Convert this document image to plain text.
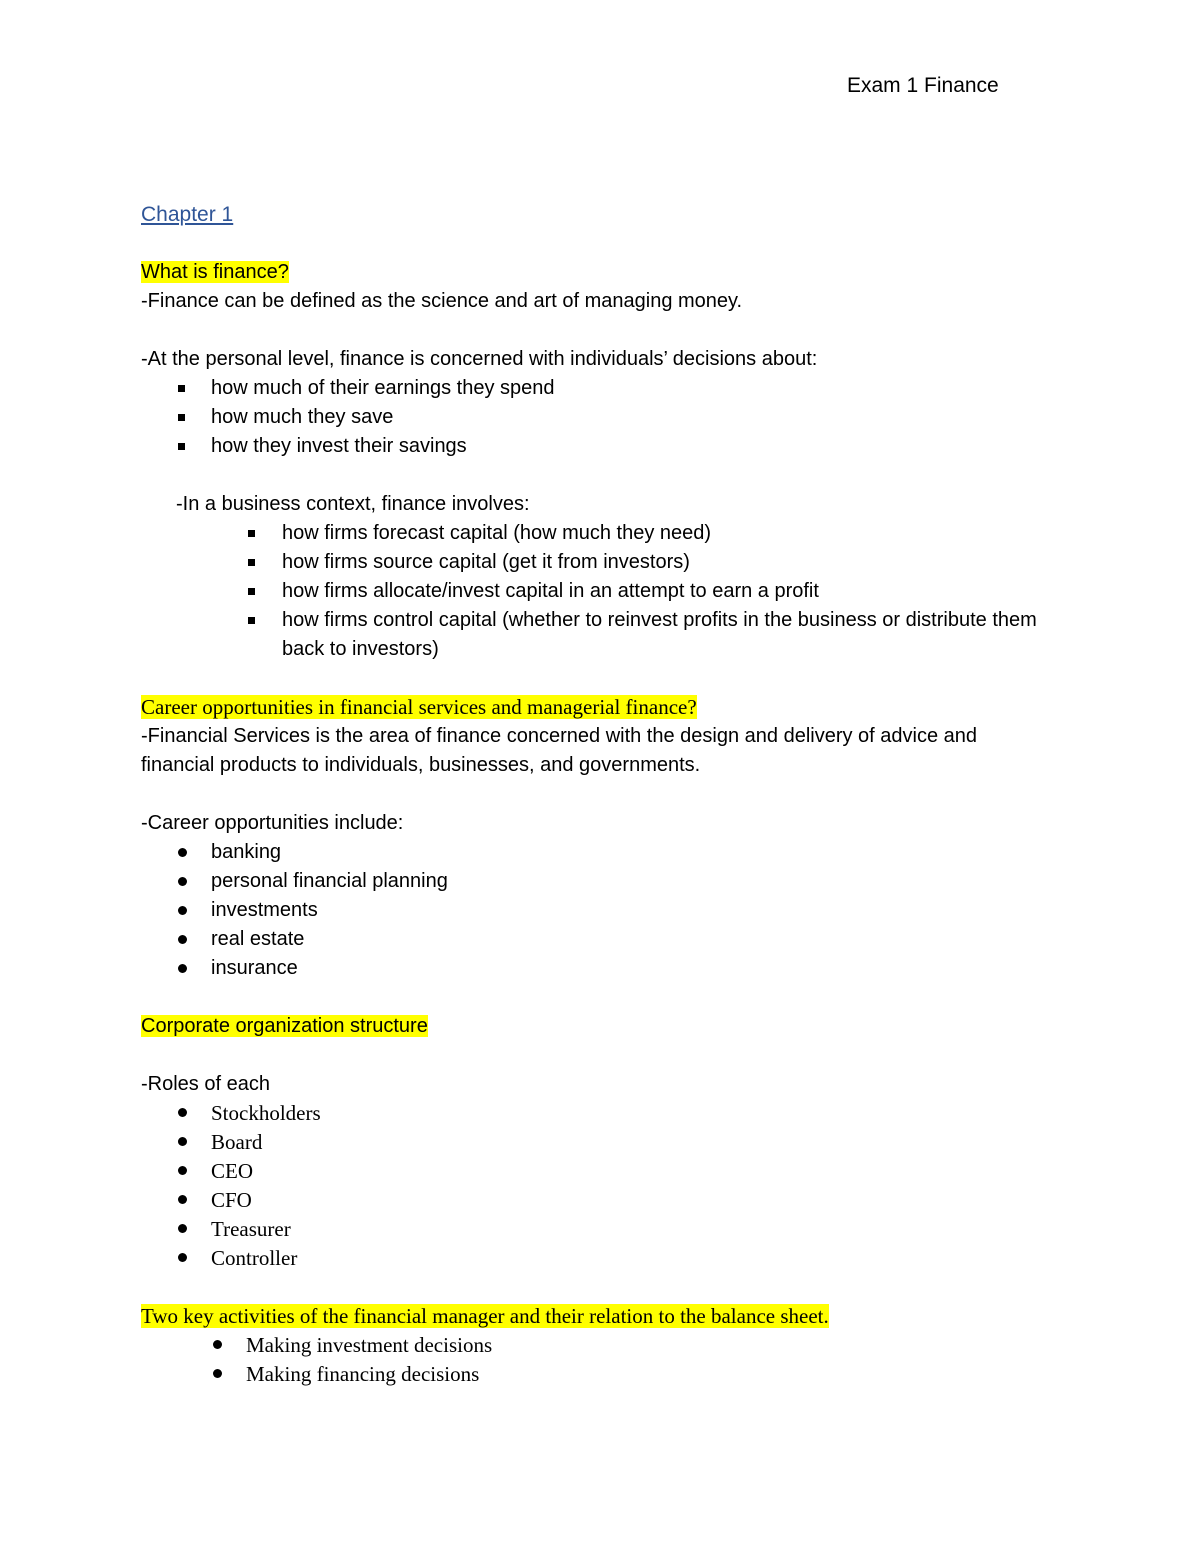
Exam 1 Finance
Chapter 1
What is finance?
-Finance can be defined as the science and art of managing money.
-At the personal level, finance is concerned with individuals’ decisions about:
how much of their earnings they spend
how much they save
how they invest their savings
-In a business context, finance involves:
how firms forecast capital (how much they need)
how firms source capital (get it from investors)
how firms allocate/invest capital in an attempt to earn a profit
how firms control capital (whether to reinvest profits in the business or distribute them back to investors)
Career opportunities in financial services and managerial finance?
-Financial Services is the area of finance concerned with the design and delivery of advice and
financial products to individuals, businesses, and governments.
-Career opportunities include:
banking
personal financial planning
investments
real estate
insurance
Corporate organization structure
-Roles of each
Stockholders
Board
CEO
CFO
Treasurer
Controller
Two key activities of the financial manager and their relation to the balance sheet.
Making investment decisions
Making financing decisions
